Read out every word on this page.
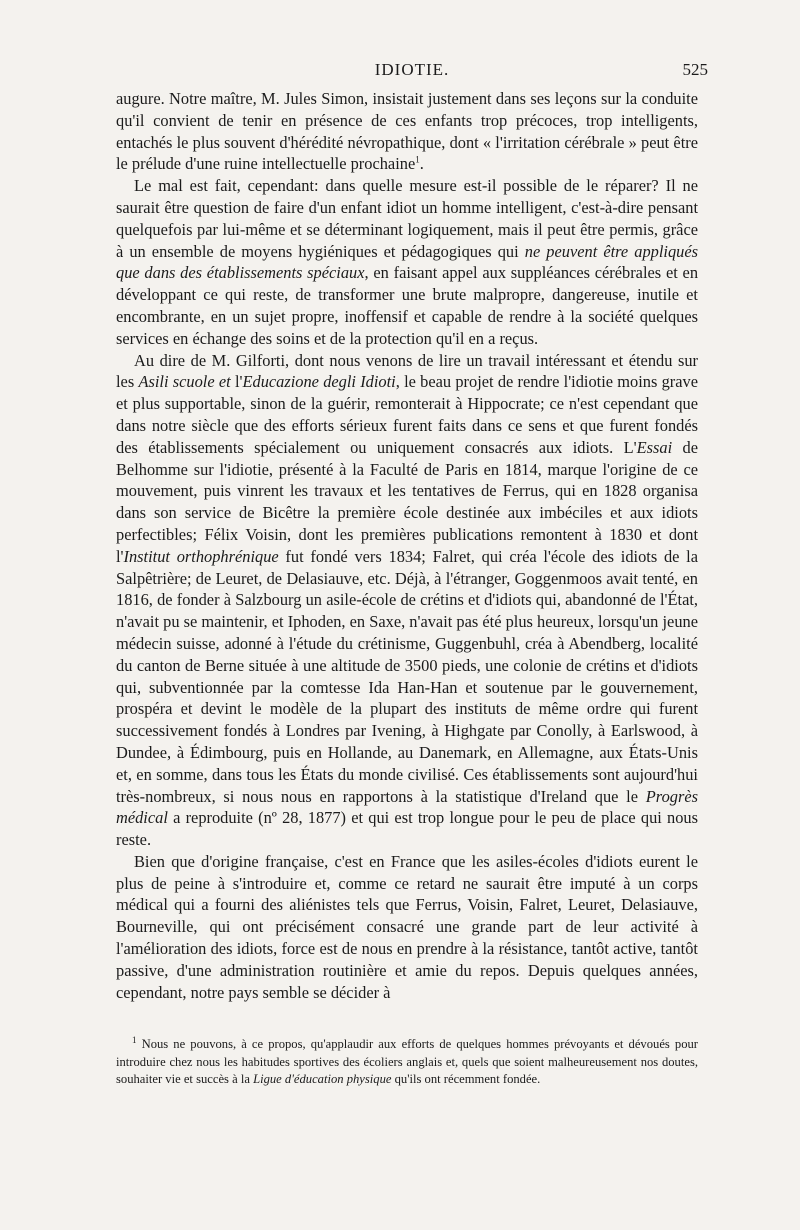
IDIOTIE.	525

augure. Notre maître, M. Jules Simon, insistait justement dans ses leçons sur la conduite qu'il convient de tenir en présence de ces enfants trop précoces, trop intelligents, entachés le plus souvent d'hérédité névropathique, dont « l'irritation cérébrale » peut être le prélude d'une ruine intellectuelle prochaine$^1$.

Le mal est fait, cependant: dans quelle mesure est-il possible de le réparer? Il ne saurait être question de faire d'un enfant idiot un homme intelligent, c'est-à-dire pensant quelquefois par lui-même et se déterminant logiquement, mais il peut être permis, grâce à un ensemble de moyens hygiéniques et pédagogiques qui ne peuvent être appliqués que dans des établissements spéciaux, en faisant appel aux suppléances cérébrales et en développant ce qui reste, de transformer une brute malpropre, dangereuse, inutile et encombrante, en un sujet propre, inoffensif et capable de rendre à la société quelques services en échange des soins et de la protection qu'il en a reçus.

Au dire de M. Gilforti, dont nous venons de lire un travail intéressant et étendu sur les Asili scuole et l'Educazione degli Idioti, le beau projet de rendre l'idiotie moins grave et plus supportable, sinon de la guérir, remonterait à Hippocrate; ce n'est cependant que dans notre siècle que des efforts sérieux furent faits dans ce sens et que furent fondés des établissements spécialement ou uniquement consacrés aux idiots. L'Essai de Belhomme sur l'idiotie, présenté à la Faculté de Paris en 1814, marque l'origine de ce mouvement, puis vinrent les travaux et les tentatives de Ferrus, qui en 1828 organisa dans son service de Bicêtre la première école destinée aux imbéciles et aux idiots perfectibles; Félix Voisin, dont les premières publications remontent à 1830 et dont l'Institut orthophrénique fut fondé vers 1834; Falret, qui créa l'école des idiots de la Salpêtrière; de Leuret, de Delasiauve, etc. Déjà, à l'étranger, Goggenmoos avait tenté, en 1816, de fonder à Salzbourg un asile-école de crétins et d'idiots qui, abandonné de l'État, n'avait pu se maintenir, et Iphoden, en Saxe, n'avait pas été plus heureux, lorsqu'un jeune médecin suisse, adonné à l'étude du crétinisme, Guggenbuhl, créa à Abendberg, localité du canton de Berne située à une altitude de 3500 pieds, une colonie de crétins et d'idiots qui, subventionnée par la comtesse Ida Han-Han et soutenue par le gouvernement, prospéra et devint le modèle de la plupart des instituts de même ordre qui furent successivement fondés à Londres par Ivening, à Highgate par Conolly, à Earlswood, à Dundee, à Édimbourg, puis en Hollande, au Danemark, en Allemagne, aux États-Unis et, en somme, dans tous les États du monde civilisé. Ces établissements sont aujourd'hui très-nombreux, si nous nous en rapportons à la statistique d'Ireland que le Progrès médical a reproduite (nº 28, 1877) et qui est trop longue pour le peu de place qui nous reste.

Bien que d'origine française, c'est en France que les asiles-écoles d'idiots eurent le plus de peine à s'introduire et, comme ce retard ne saurait être imputé à un corps médical qui a fourni des aliénistes tels que Ferrus, Voisin, Falret, Leuret, Delasiauve, Bourneville, qui ont précisément consacré une grande part de leur activité à l'amélioration des idiots, force est de nous en prendre à la résistance, tantôt active, tantôt passive, d'une administration routinière et amie du repos. Depuis quelques années, cependant, notre pays semble se décider à

$^1$ Nous ne pouvons, à ce propos, qu'applaudir aux efforts de quelques hommes prévoyants et dévoués pour introduire chez nous les habitudes sportives des écoliers anglais et, quels que soient malheureusement nos doutes, souhaiter vie et succès à la Ligue d'éducation physique qu'ils ont récemment fondée.
